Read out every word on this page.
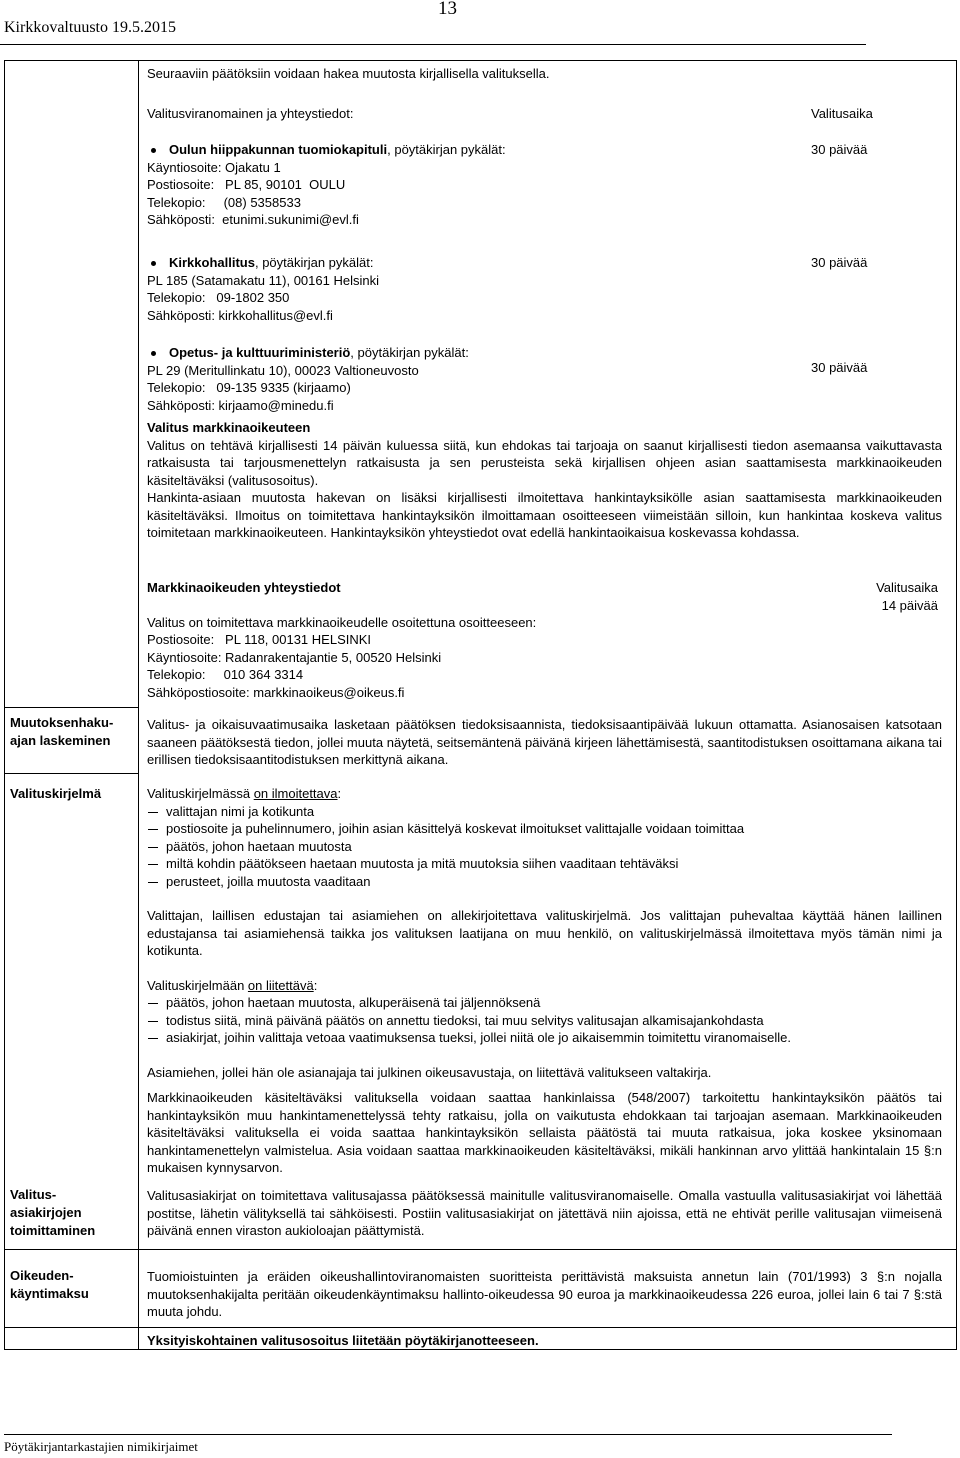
Kirkkovaltuusto 19.5.2015
13
Seuraaviin päätöksiin voidaan hakea muutosta kirjallisella valituksella.
Valitusviranomainen ja yhteystiedot:	Valitusaika
Oulun hiippakunnan tuomiokapituli, pöytäkirjan pykälät:
Käyntiosoite: Ojakatu 1
Postiosoite:   PL 85, 90101  OULU
Telekopio:     (08) 5358533
Sähköposti:  etunimi.sukunimi@evl.fi
30 päivää
Kirkkohallitus, pöytäkirjan pykälät:
PL 185 (Satamakatu 11), 00161 Helsinki
Telekopio:   09-1802 350
Sähköposti: kirkkohallitus@evl.fi
30 päivää
Opetus- ja kulttuuriministeriö, pöytäkirjan pykälät:
PL 29 (Meritullinkatu 10), 00023 Valtioneuvosto
Telekopio:   09-135 9335 (kirjaamo)
Sähköposti: kirjaamo@minedu.fi
30 päivää
Valitus markkinaoikeuteen
Valitus on tehtävä kirjallisesti 14 päivän kuluessa siitä, kun ehdokas tai tarjoaja on saanut kirjallisesti tiedon asemaansa vaikuttavasta ratkaisusta tai tarjousmenettelyn ratkaisusta ja sen perusteista sekä kirjallisen ohjeen asian saattamisesta markkinaoikeuden käsiteltäväksi (valitusosoitus).
Hankinta-asiaan muutosta hakevan on lisäksi kirjallisesti ilmoitettava hankintayksikölle asian saattamisesta markkinaoikeuden käsiteltäväksi. Ilmoitus on toimitettava hankintayksikön ilmoittamaan osoitteeseen viimeistään silloin, kun hankintaa koskeva valitus toimitetaan markkinaoikeuteen. Hankintayksikön yhteystiedot ovat edellä hankintaoikaisua koskevassa kohdassa.
Markkinaoikeuden yhteystiedot
Valitus on toimitettava markkinaoikeudelle osoitettuna osoitteeseen:
Postiosoite:   PL 118, 00131 HELSINKI
Käyntiosoite: Radanrakentajantie 5, 00520 Helsinki
Telekopio:     010 364 3314
Sähköpostiosoite: markkinaoikeus@oikeus.fi
Valitusaika
14 päivää
Muutoksenhaku-
ajan laskeminen
Valitus- ja oikaisuvaatimusaika lasketaan päätöksen tiedoksisaannista, tiedoksisaantipäivää lukuun ottamatta. Asianosaisen katsotaan saaneen päätöksestä tiedon, jollei muuta näytetä, seitsemäntenä päivänä kirjeen lähettämisestä, saantitodistuksen osoittamana aikana tai erillisen tiedoksisaantitodistuksen merkittynä aikana.
Valituskirjelmä	Valituskirjelmässä on ilmoitettava:
valittajan nimi ja kotikunta
postiosoite ja puhelinnumero, joihin asian käsittelyä koskevat ilmoitukset valittajalle voidaan toimittaa
päätös, johon haetaan muutosta
miltä kohdin päätökseen haetaan muutosta ja mitä muutoksia siihen vaaditaan tehtäväksi
perusteet, joilla muutosta vaaditaan
Valittajan, laillisen edustajan tai asiamiehen on allekirjoitettava valituskirjelmä. Jos valittajan puhevaltaa käyttää hänen laillinen edustajansa tai asiamiehensä taikka jos valituksen laatijana on muu henkilö, on valituskirjelmässä ilmoitettava myös tämän nimi ja kotikunta.
Valituskirjelmään on liitettävä:
päätös, johon haetaan muutosta, alkuperäisenä tai jäljennöksenä
todistus siitä, minä päivänä päätös on annettu tiedoksi, tai muu selvitys valitusajan alkamisajankohdasta
asiakirjat, joihin valittaja vetoaa vaatimuksensa tueksi, jollei niitä ole jo aikaisemmin toimitettu viranomaiselle.
Asiamiehen, jollei hän ole asianajaja tai julkinen oikeusavustaja, on liitettävä valitukseen valtakirja.
Markkinaoikeuden käsiteltäväksi valituksella voidaan saattaa hankinlaissa (548/2007) tarkoitettu hankintayksikön päätös tai hankintayksikön muu hankintamenettelyssä tehty ratkaisu, jolla on vaikutusta ehdokkaan tai tarjoajan asemaan. Markkinaoikeuden käsiteltäväksi valituksella ei voida saattaa hankintayksikön sellaista päätöstä tai muuta ratkaisua, joka koskee yksinomaan hankintamenettelyn valmistelua. Asia voidaan saattaa markkinaoikeuden käsiteltäväksi, mikäli hankinnan arvo ylittää hankintalain 15 §:n mukaisen kynnysarvon.
Valitus-
asiakirjojen
toimittaminen
Valitusasiakirjat on toimitettava valitusajassa päätöksessä mainitulle valitusviranomaiselle. Omalla vastuulla valitusasiakirjat voi lähettää postitse, lähetin välityksellä tai sähköisesti. Postiin valitusasiakirjat on jätettävä niin ajoissa, että ne ehtivät perille valitusajan viimeisenä päivänä ennen viraston aukioloajan päättymistä.
Oikeuden-
käyntimaksu
Tuomioistuinten ja eräiden oikeushallintoviranomaisten suoritteista perittävistä maksuista annetun lain (701/1993) 3 §:n nojalla muutoksenhakijalta peritään oikeudenkäyntimaksu hallinto-oikeudessa 90 euroa ja markkinaoikeudessa 226 euroa, jollei lain 6 tai 7 §:stä muuta johdu.
Yksityiskohtainen valitusosoitus liitetään pöytäkirjanotteeseen.
Pöytäkirjantarkastajien nimikirjaimet
